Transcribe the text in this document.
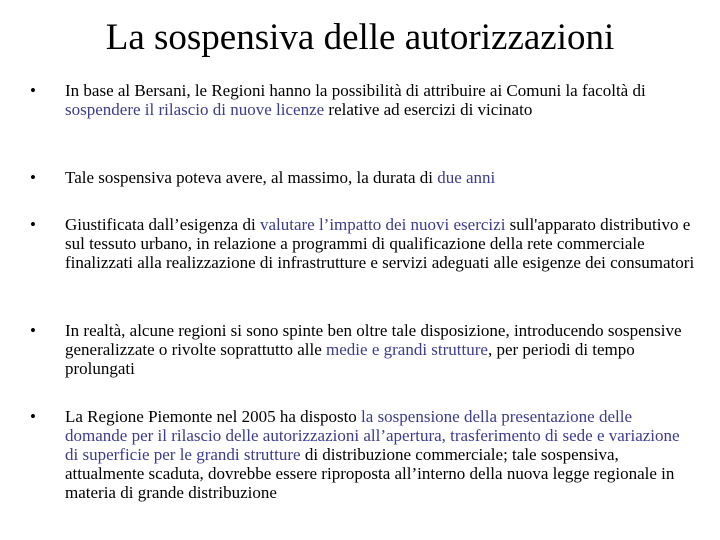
La sospensiva delle autorizzazioni
•	In base al Bersani, le Regioni hanno la possibilità di attribuire ai Comuni la facoltà di sospendere il rilascio di nuove licenze relative ad esercizi di vicinato
•	Tale sospensiva poteva avere, al massimo, la durata di due anni
•	Giustificata dall’esigenza di valutare l’impatto dei nuovi esercizi sull'apparato distributivo e sul tessuto urbano, in relazione a programmi di qualificazione della rete commerciale finalizzati alla realizzazione di infrastrutture e servizi adeguati alle esigenze dei consumatori
•	In realtà, alcune regioni si sono spinte ben oltre tale disposizione, introducendo sospensive generalizzate o rivolte soprattutto alle medie e grandi strutture, per periodi di tempo prolungati
•	La Regione Piemonte nel 2005 ha disposto la sospensione della presentazione delle domande per il rilascio delle autorizzazioni all’apertura, trasferimento di sede e variazione di superficie per le grandi strutture di distribuzione commerciale; tale sospensiva, attualmente scaduta, dovrebbe essere riproposta all’interno della nuova legge regionale in materia di grande distribuzione
